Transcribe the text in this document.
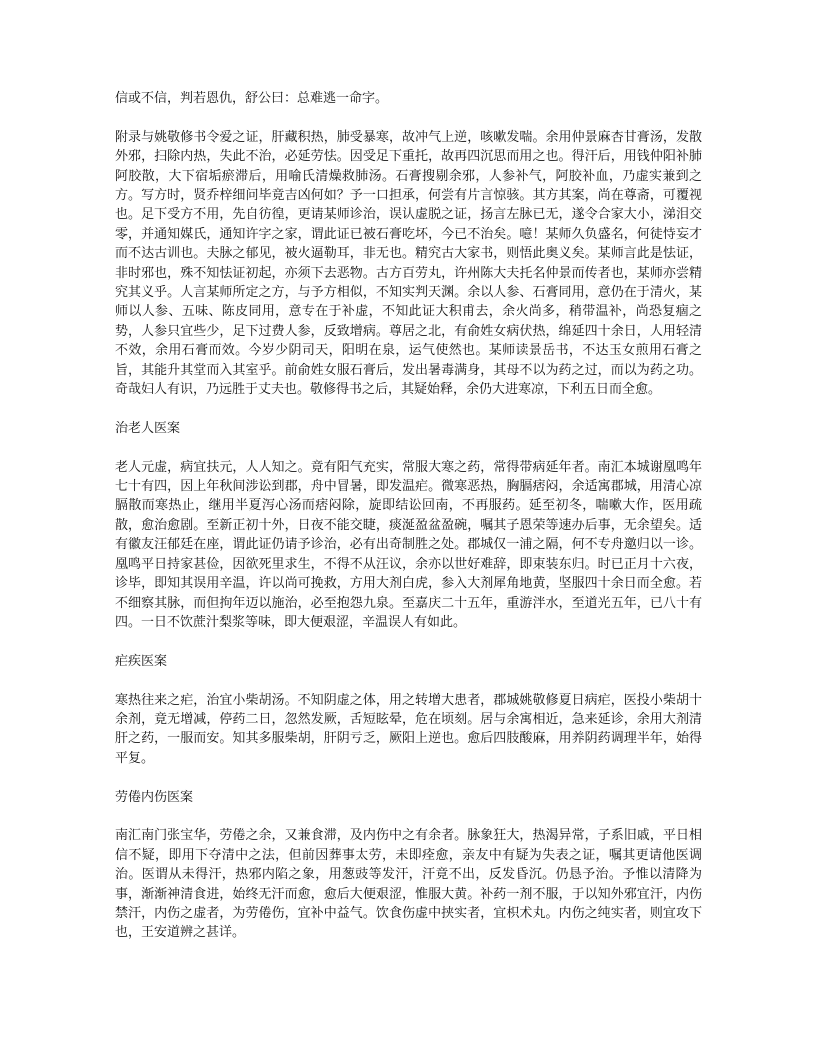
信或不信，判若恩仇，舒公曰：总难逃一命字。

附录与姚敬修书令爱之证，肝藏积热，肺受暴寒，故冲气上逆，咳嗽发喘。余用仲景麻杏甘膏汤，发散外邪，扫除内热，失此不治，必延劳怯。因受足下重托，故再四沉思而用之也。得汗后，用钱仲阳补肺阿胶散，大下宿垢瘀滞后，用喻氏清燥救肺汤。石膏搜剔余邪，人参补气，阿胶补血，乃虚实兼到之方。写方时，贤乔梓细问毕竟吉凶何如？予一口担承，何尝有片言惊骇。其方其案，尚在尊斋，可覆视也。足下受方不用，先自彷徨，更请某师诊治，误认虚脱之证，扬言左脉已无，遂令合家大小，涕泪交零，并通知媒氏，通知许字之家，谓此证已被石膏吃坏，今已不治矣。噫！某师久负盛名，何徒恃妄才而不达古训也。夫脉之郁见，被火逼勒耳，非无也。精究古大家书，则悟此奥义矣。某师言此是怯证，非时邪也，殊不知怯证初起，亦须下去恶物。古方百劳丸，许州陈大夫托名仲景而传者也，某师亦尝精究其义乎。人言某师所定之方，与予方相似，不知实判天渊。余以人参、石膏同用，意仍在于清火，某师以人参、五味、陈皮同用，意专在于补虚，不知此证大积甫去，余火尚多，稍带温补，尚恐复痼之势，人参只宜些少，足下过费人参，反致增病。尊居之北，有俞姓女病伏热，绵延四十余日，人用轻清不效，余用石膏而效。今岁少阴司天，阳明在泉，运气使然也。某师读景岳书，不达玉女煎用石膏之旨，其能升其堂而入其室乎。前俞姓女服石膏后，发出暑毒满身，其母不以为药之过，而以为药之功。奇哉妇人有识，乃远胜于丈夫也。敬修得书之后，其疑始释，余仍大进寒凉，下利五日而全愈。

治老人医案

老人元虚，病宜扶元，人人知之。竟有阳气充实，常服大寒之药，常得带病延年者。南汇本城谢凰鸣年七十有四，因上年秋间涉讼到郡，舟中冒暑，即发温疟。微寒恶热，胸膈痞闷，余适寓郡城，用清心凉膈散而寒热止，继用半夏泻心汤而痞闷除，旋即结讼回南，不再服药。延至初冬，喘嗽大作，医用疏散，愈治愈剧。至新正初十外，日夜不能交睫，痰涎盈盆盈碗，嘱其子恩荣等速办后事，无余望矣。适有徽友汪郁廷在座，谓此证仍请予诊治，必有出奇制胜之处。郡城仅一浦之隔，何不专舟邀归以一诊。凰鸣平日持家甚俭，因欲死里求生，不得不从汪议，余亦以世好难辞，即束装东归。时已正月十六夜，诊毕，即知其误用辛温，许以尚可挽救，方用大剂白虎，参入大剂犀角地黄，坚服四十余日而全愈。若不细察其脉，而但拘年迈以施治，必至抱怨九泉。至嘉庆二十五年，重游泮水，至道光五年，已八十有四。一日不饮蔗汁梨浆等味，即大便艰涩，辛温误人有如此。

疟疾医案

寒热往来之疟，治宜小柴胡汤。不知阴虚之体，用之转增大患者，郡城姚敬修夏日病疟，医投小柴胡十余剂，竟无增减，停药二日，忽然发厥，舌短眩晕，危在顷刻。居与余寓相近，急来延诊，余用大剂清肝之药，一服而安。知其多服柴胡，肝阴亏乏，厥阳上逆也。愈后四肢酸麻，用养阴药调理半年，始得平复。

劳倦内伤医案

南汇南门张宝华，劳倦之余，又兼食滞，及内伤中之有余者。脉象狂大，热渴异常，子系旧戚，平日相信不疑，即用下夺清中之法，但前因葬事太劳，未即痊愈，亲友中有疑为失表之证，嘱其更请他医调治。医谓从未得汗，热邪内陷之象，用葱豉等发汗，汗竟不出，反发昏沉。仍恳予治。予惟以清降为事，渐渐神清食进，始终无汗而愈，愈后大便艰涩，惟服大黄。补药一剂不服，于以知外邪宜汗，内伤禁汗，内伤之虚者，为劳倦伤，宜补中益气。饮食伤虚中挟实者，宜枳术丸。内伤之纯实者，则宜攻下也，王安道辨之甚详。
